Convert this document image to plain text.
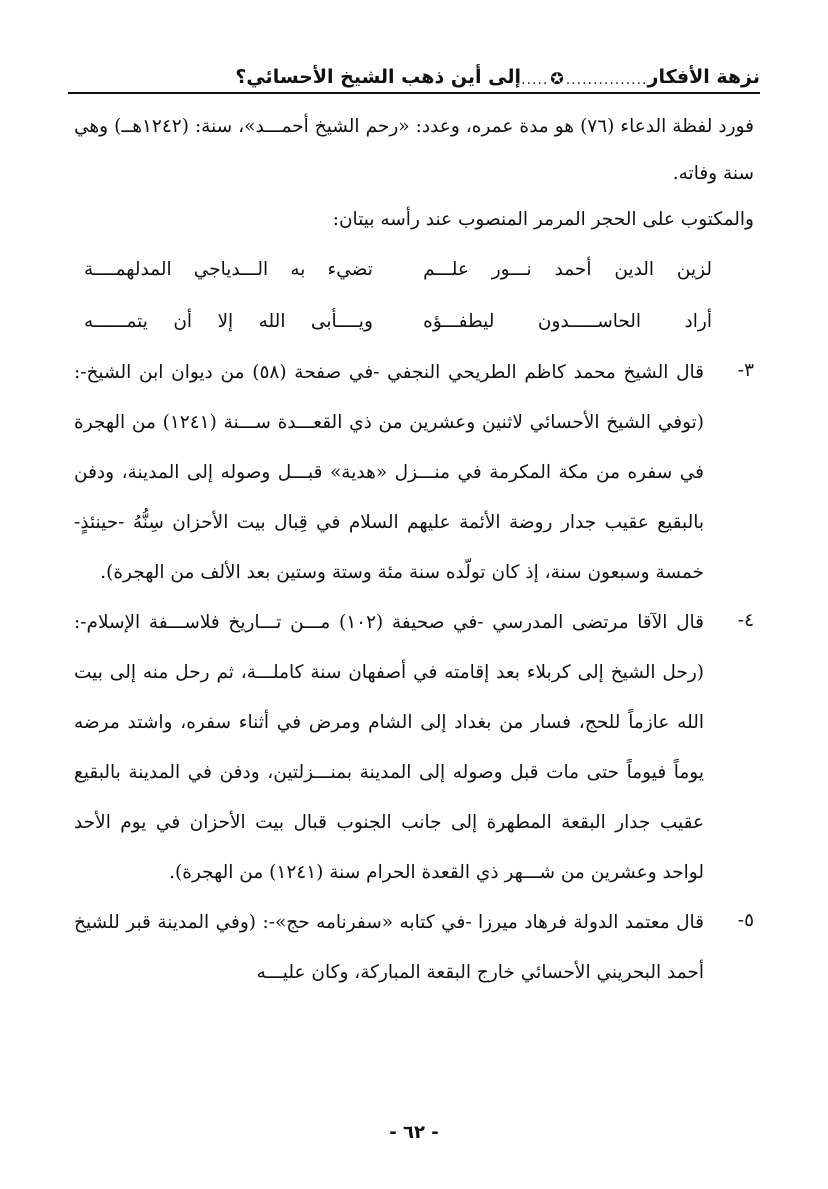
نزهة الأفكار
...............
✪
.....
إلى أين ذهب الشيخ الأحسائي؟

فورد لفظة الدعاء (٧٦) هو مدة عمره، وعدد: «رحم الشيخ أحمـــد»، سنة: (١٢٤٢هــ) وهي سنة وفاته.

والمكتوب على الحجر المرمر المنصوب عند رأسه بيتان:

لزين الدين أحمد نـــور علـــم
تضيء به الـــدياجي المدلهمــــة
أراد الحاســـــدون ليطفـــؤه
ويــــأبى الله إلا أن يتمــــــه
٣-

قال الشيخ محمد كاظم الطريحي النجفي -في صفحة (٥٨) من ديوان ابن الشيخ-: (توفي الشيخ الأحسائي لاثنين وعشرين من ذي القعـــدة ســـنة (١٢٤١) من الهجرة في سفره من مكة المكرمة في منـــزل «هدية» قبـــل وصوله إلى المدينة، ودفن بالبقيع عقيب جدار روضة الأئمة عليهم السلام في قِبال بيت الأحزان سِنُّهُ -حينئذٍ- خمسة وسبعون سنة، إذ كان تولّده سنة مئة وستة وستين بعد الألف من الهجرة).

٤-

قال الآقا مرتضى المدرسي -في صحيفة (١٠٢) مـــن تـــاريخ فلاســـفة الإسلام-: (رحل الشيخ إلى كربلاء بعد إقامته في أصفهان سنة كاملـــة، ثم رحل منه إلى بيت الله عازماً للحج، فسار من بغداد إلى الشام ومرض في أثناء سفره، واشتد مرضه يوماً فيوماً حتى مات قبل وصوله إلى المدينة بمنـــزلتين، ودفن في المدينة بالبقيع عقيب جدار البقعة المطهرة إلى جانب الجنوب قبال بيت الأحزان في يوم الأحد لواحد وعشرين من شـــهر ذي القعدة الحرام سنة (١٢٤١) من الهجرة).

٥-

قال معتمد الدولة فرهاد ميرزا -في كتابه «سفرنامه حج»-: (وفي المدينة قبر للشيخ أحمد البحريني الأحسائي خارج البقعة المباركة، وكان عليـــه

- ٦٢ -
